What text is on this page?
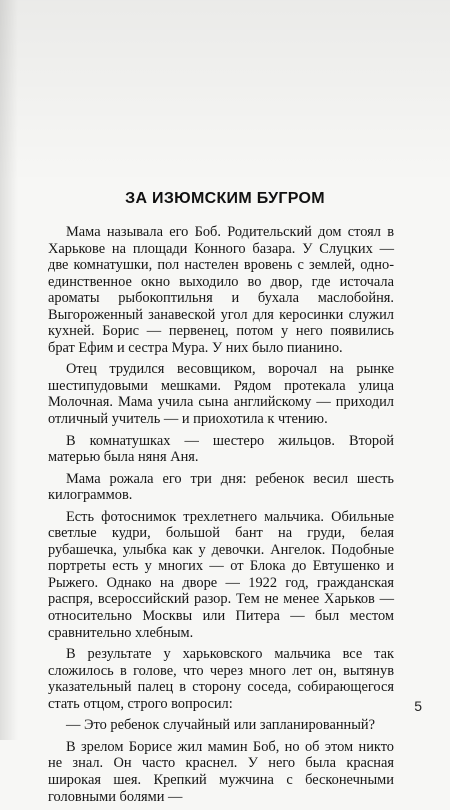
ЗА ИЗЮМСКИМ БУГРОМ

Мама называла его Боб. Родительский дом стоял в Харькове на площади Конного базара. У Слуцких — две комнатушки, пол настелен вровень с землей, одно-единственное окно выходило во двор, где источала ароматы рыбокоптильня и бухала маслобойня. Выгороженный занавеской угол для керосинки служил кухней. Борис — первенец, потом у него появились брат Ефим и сестра Мура. У них было пианино.

Отец трудился весовщиком, ворочал на рынке шестипудовыми мешками. Рядом протекала улица Молочная. Мама учила сына английскому — приходил отличный учитель — и приохотила к чтению.

В комнатушках — шестеро жильцов. Второй матерью была няня Аня.

Мама рожала его три дня: ребенок весил шесть килограммов.

Есть фотоснимок трехлетнего мальчика. Обильные светлые кудри, большой бант на груди, белая рубашечка, улыбка как у девочки. Ангелок. Подобные портреты есть у многих — от Блока до Евтушенко и Рыжего. Однако на дворе — 1922 год, гражданская распря, всероссийский разор. Тем не менее Харьков — относительно Москвы или Питера — был местом сравнительно хлебным.

В результате у харьковского мальчика все так сложилось в голове, что через много лет он, вытянув указательный палец в сторону соседа, собирающегося стать отцом, строго вопросил:

— Это ребенок случайный или запланированный?

В зрелом Борисе жил мамин Боб, но об этом никто не знал. Он часто краснел. У него была красная широкая шея. Крепкий мужчина с бесконечными головными болями —

5
